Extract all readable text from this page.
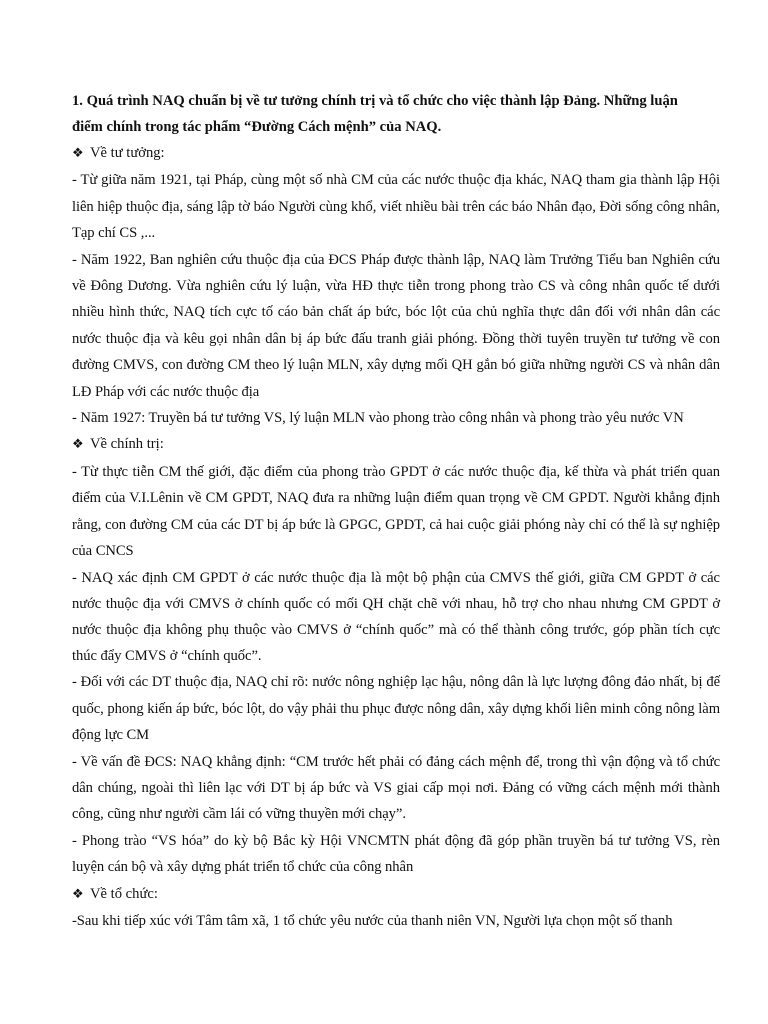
1. Quá trình NAQ chuẩn bị về tư tưởng chính trị và tổ chức cho việc thành lập Đảng. Những luận
điểm chính trong tác phẩm “Đường Cách mệnh” của NAQ.
❖ Về tư tưởng:
- Từ giữa năm 1921, tại Pháp, cùng một số nhà CM của các nước thuộc địa khác, NAQ tham gia thành lập Hội liên hiệp thuộc địa, sáng lập tờ báo Người cùng khổ, viết nhiều bài trên các báo Nhân đạo, Đời sống công nhân, Tạp chí CS ,...
- Năm 1922, Ban nghiên cứu thuộc địa của ĐCS Pháp được thành lập, NAQ làm Trưởng Tiểu ban Nghiên cứu về Đông Dương. Vừa nghiên cứu lý luận, vừa HĐ thực tiễn trong phong trào CS và công nhân quốc tế dưới nhiều hình thức, NAQ tích cực tố cáo bản chất áp bức, bóc lột của chủ nghĩa thực dân đối với nhân dân các nước thuộc địa và kêu gọi nhân dân bị áp bức đấu tranh giải phóng. Đồng thời tuyên truyền tư tưởng về con đường CMVS, con đường CM theo lý luận MLN, xây dựng mối QH gắn bó giữa những người CS và nhân dân LĐ Pháp với các nước thuộc địa
- Năm 1927: Truyền bá tư tưởng VS, lý luận MLN vào phong trào công nhân và phong trào yêu nước VN
❖ Về chính trị:
- Từ thực tiễn CM thế giới, đặc điểm của phong trào GPDT ở các nước thuộc địa, kế thừa và phát triển quan điểm của V.I.Lênin về CM GPDT, NAQ đưa ra những luận điểm quan trọng về CM GPDT. Người khẳng định rằng, con đường CM của các DT bị áp bức là GPGC, GPDT, cả hai cuộc giải phóng này chỉ có thể là sự nghiệp của CNCS
- NAQ xác định CM GPDT ở các nước thuộc địa là một bộ phận của CMVS thế giới, giữa CM GPDT ở các nước thuộc địa với CMVS ở chính quốc có mối QH chặt chẽ với nhau, hỗ trợ cho nhau nhưng CM GPDT ở nước thuộc địa không phụ thuộc vào CMVS ở “chính quốc” mà có thể thành công trước, góp phần tích cực thúc đẩy CMVS ở “chính quốc”.
- Đối với các DT thuộc địa, NAQ chỉ rõ: nước nông nghiệp lạc hậu, nông dân là lực lượng đông đảo nhất, bị đế quốc, phong kiến áp bức, bóc lột, do vậy phải thu phục được nông dân, xây dựng khối liên minh công nông làm động lực CM
- Về vấn đề ĐCS: NAQ khẳng định: “CM trước hết phải có đảng cách mệnh để, trong thì vận động và tổ chức dân chúng, ngoài thì liên lạc với DT bị áp bức và VS giai cấp mọi nơi. Đảng có vững cách mệnh mới thành công, cũng như người cầm lái có vững thuyền mới chạy”.
- Phong trào “VS hóa” do kỳ bộ Bắc kỳ Hội VNCMTN phát động đã góp phần truyền bá tư tưởng VS, rèn luyện cán bộ và xây dựng phát triển tổ chức của công nhân
❖ Về tổ chức:
-Sau khi tiếp xúc với Tâm tâm xã, 1 tổ chức yêu nước của thanh niên VN, Người lựa chọn một số thanh
